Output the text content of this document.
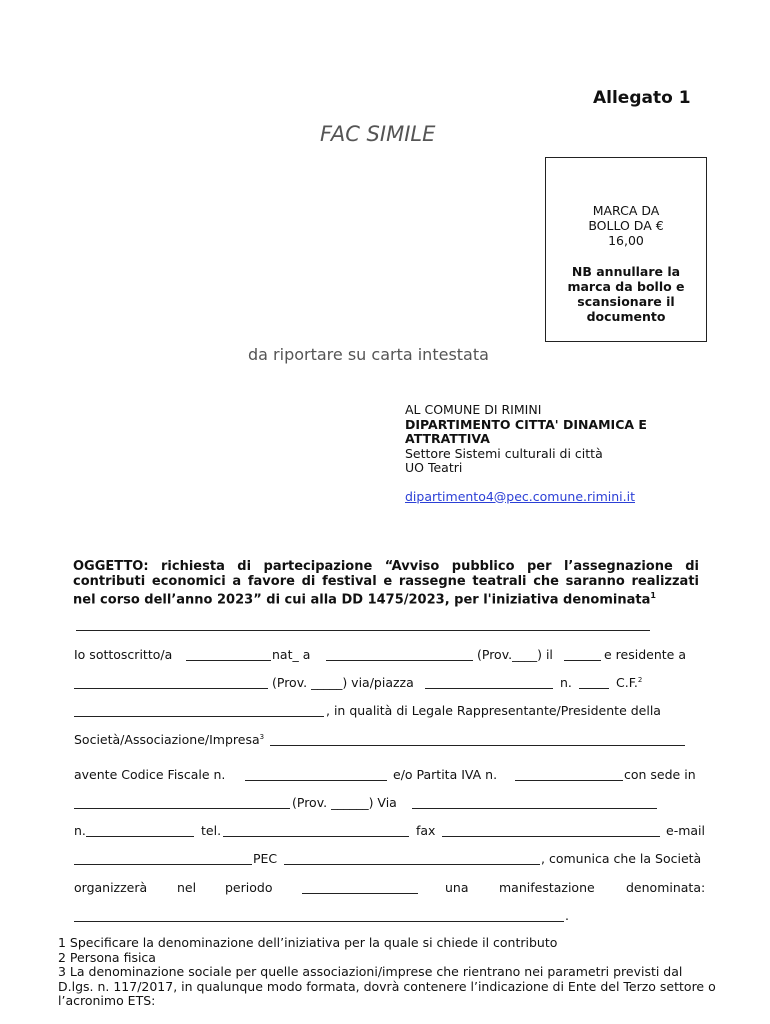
Allegato 1
FAC SIMILE
MARCA DA BOLLO DA € 16,00
NB annullare la marca da bollo e scansionare il documento
da riportare su carta intestata
AL COMUNE DI RIMINI
DIPARTIMENTO CITTA' DINAMICA E ATTRATTIVA
Settore Sistemi culturali di città
UO Teatri
dipartimento4@pec.comune.rimini.it
OGGETTO: richiesta di partecipazione “Avviso pubblico per l’assegnazione di contributi economici a favore di festival e rassegne teatrali che saranno realizzati nel corso dell’anno 2023” di cui alla DD 1475/2023, per l'iniziativa denominata$^1$
Io sottoscritto/a	nat_ a	(Prov.____) il	e residente a
(Prov. _____) via/piazza	n.	C.F.$^2$
, in qualità di Legale Rappresentante/Presidente della
Società/Associazione/Impresa$^3$
avente Codice Fiscale n.	e/o Partita IVA n.	con sede in
(Prov. ______) Via
n.	tel.	fax	e-mail
PEC	, comunica che la Società
organizzerà nel periodo	una manifestazione	denominata:
.
1 Specificare la denominazione dell’iniziativa per la quale si chiede il contributo
2 Persona fisica
3 La denominazione sociale per quelle associazioni/imprese che rientrano nei parametri previsti dal D.lgs. n. 117/2017, in qualunque modo formata, dovrà contenere l’indicazione di Ente del Terzo settore o l’acronimo ETS:
